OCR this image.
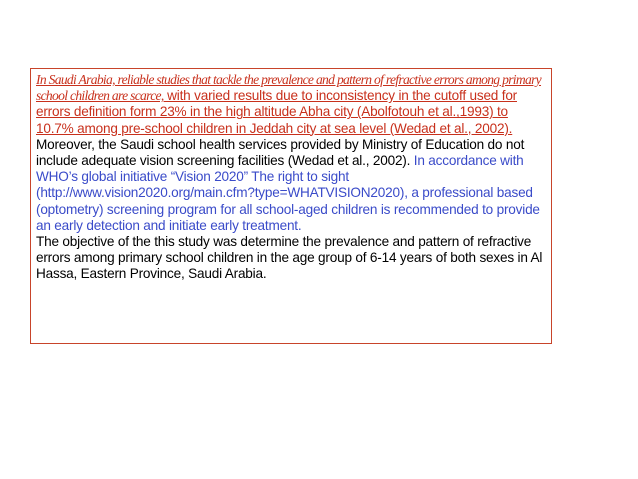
In Saudi Arabia, reliable studies that tackle the prevalence and pattern of refractive errors among primary school children are scarce, with varied results due to inconsistency in the cutoff used for errors definition form 23% in the high altitude Abha city (Abolfotouh et al.,1993) to 10.7% among pre-school children in Jeddah city at sea level (Wedad et al., 2002). Moreover, the Saudi school health services provided by Ministry of Education do not include adequate vision screening facilities (Wedad et al., 2002). In accordance with WHO’s global initiative “Vision 2020” The right to sight (http://www.vision2020.org/main.cfm?type=WHATVISION2020), a professional based (optometry) screening program for all school-aged children is recommended to provide an early detection and initiate early treatment.

The objective of the this study was determine the prevalence and pattern of refractive errors among primary school children in the age group of 6-14 years of both sexes in Al Hassa, Eastern Province, Saudi Arabia.
